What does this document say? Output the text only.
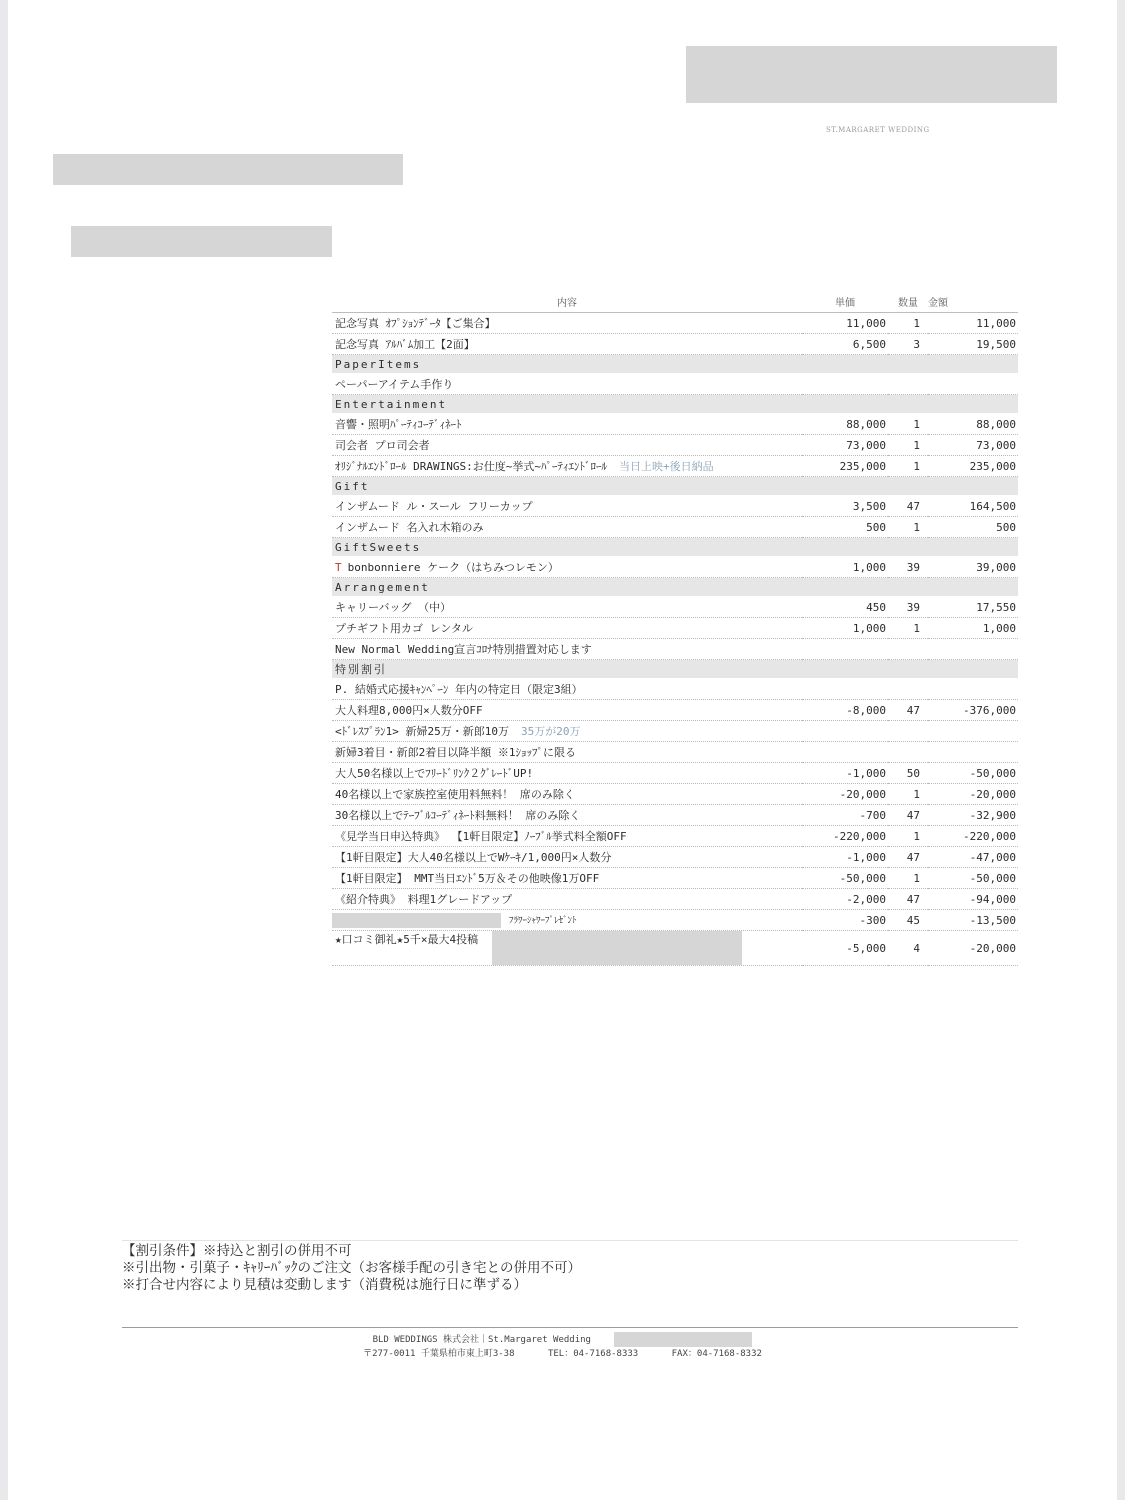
ST.MARGARET WEDDING
内容	単価	数量	金額
記念写真 ｵﾌﾟｼｮﾝﾃﾞｰﾀ【ご集合】	11,000	1	11,000
記念写真 ｱﾙﾊﾞﾑ加工【2面】	6,500	3	19,500
PaperItems			
ペーパーアイテム手作り			
Entertainment			
音響・照明ﾊﾟｰﾃｨｺｰﾃﾞｨﾈｰﾄ	88,000	1	88,000
司会者 プロ司会者	73,000	1	73,000
ｵﾘｼﾞﾅﾙｴﾝﾄﾞﾛｰﾙ DRAWINGS:お仕度~挙式~ﾊﾟｰﾃｨｴﾝﾄﾞﾛｰﾙ 当日上映+後日納品	235,000	1	235,000
Gift			
インザムード ル・スール フリーカップ	3,500	47	164,500
インザムード 名入れ木箱のみ	500	1	500
GiftSweets			
T bonbonniere ケーク（はちみつレモン）	1,000	39	39,000
Arrangement			
キャリーバッグ （中）	450	39	17,550
プチギフト用カゴ レンタル	1,000	1	1,000
New Normal Wedding宣言ｺﾛﾅ特別措置対応します			
特別割引			
P. 結婚式応援ｷｬﾝﾍﾟｰﾝ 年内の特定日（限定3組）			
大人料理8,000円×人数分OFF	-8,000	47	-376,000
<ﾄﾞﾚｽﾌﾟﾗﾝ1> 新婦25万・新郎10万 35万が20万			
新婦3着目・新郎2着目以降半額 ※1ｼｮｯﾌﾟに限る			
大人50名様以上でﾌﾘｰﾄﾞﾘﾝｸ２ｸﾞﾚｰﾄﾞUP!	-1,000	50	-50,000
40名様以上で家族控室使用料無料！ 席のみ除く	-20,000	1	-20,000
30名様以上でﾃｰﾌﾞﾙｺｰﾃﾞｨﾈｰﾄ料無料！ 席のみ除く	-700	47	-32,900
《見学当日申込特典》 【1軒目限定】ﾉｰﾌﾞﾙ挙式料全額OFF	-220,000	1	-220,000
【1軒目限定】大人40名様以上でWｹｰｷ/1,000円×人数分	-1,000	47	-47,000
【1軒目限定】 MMT当日ｴﾝﾄﾞ5万＆その他映像1万OFF	-50,000	1	-50,000
《紹介特典》 料理1グレードアップ	-2,000	47	-94,000
ﾌﾗﾜｰｼｬﾜｰﾌﾟﾚｾﾞﾝﾄ	-300	45	-13,500
★口コミ御礼★5千×最大4投稿	-5,000	4	-20,000
【割引条件】※持込と割引の併用不可
※引出物・引菓子・ｷｬﾘｰﾊﾞｯｸのご注文（お客様手配の引き宅との併用不可）
※打合せ内容により見積は変動します（消費税は施行日に準ずる）
BLD WEDDINGS 株式会社｜St.Margaret Wedding
〒277-0011 千葉県柏市東上町3-38	TEL：04-7168-8333	FAX：04-7168-8332
